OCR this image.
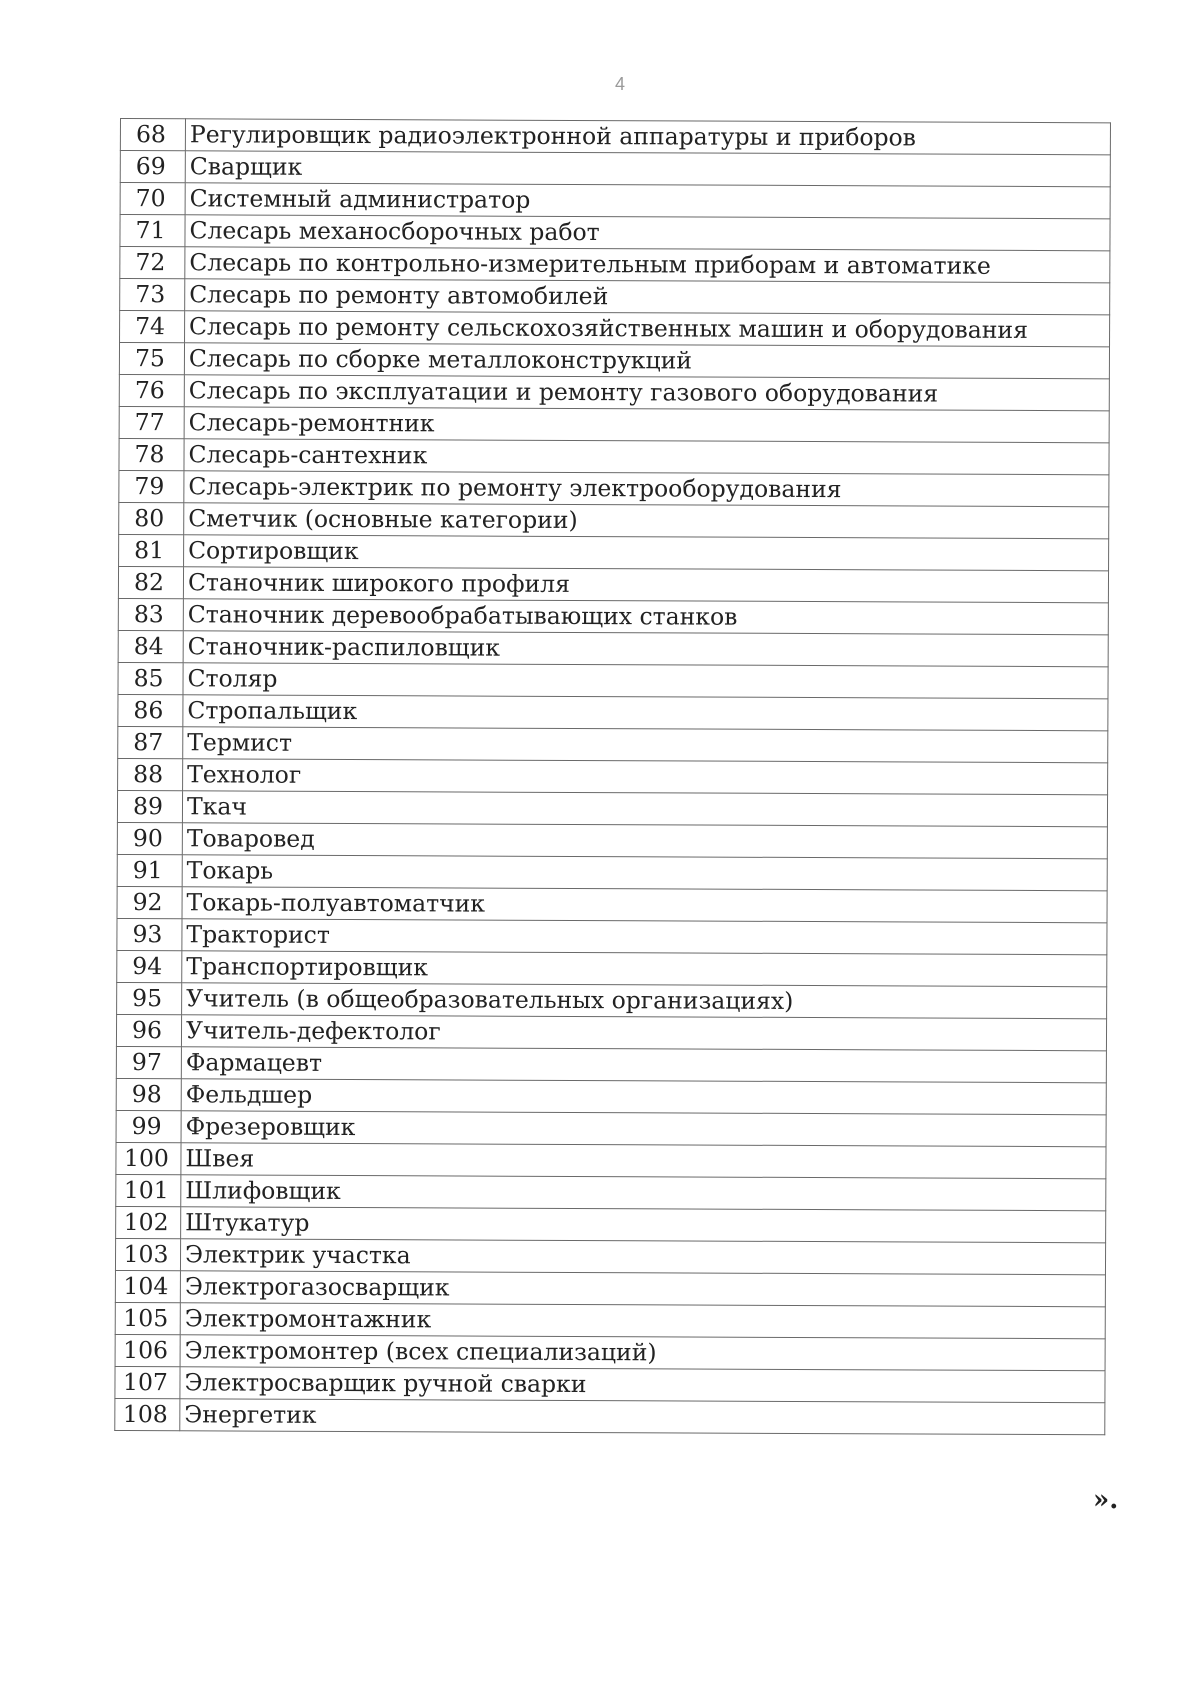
4
68	Регулировщик радиоэлектронной аппаратуры и приборов
69	Сварщик
70	Системный администратор
71	Слесарь механосборочных работ
72	Слесарь по контрольно-измерительным приборам и автоматике
73	Слесарь по ремонту автомобилей
74	Слесарь по ремонту сельскохозяйственных машин и оборудования
75	Слесарь по сборке металлоконструкций
76	Слесарь по эксплуатации и ремонту газового оборудования
77	Слесарь-ремонтник
78	Слесарь-сантехник
79	Слесарь-электрик по ремонту электрооборудования
80	Сметчик (основные категории)
81	Сортировщик
82	Станочник широкого профиля
83	Станочник деревообрабатывающих станков
84	Станочник-распиловщик
85	Столяр
86	Стропальщик
87	Термист
88	Технолог
89	Ткач
90	Товаровед
91	Токарь
92	Токарь-полуавтоматчик
93	Тракторист
94	Транспортировщик
95	Учитель (в общеобразовательных организациях)
96	Учитель-дефектолог
97	Фармацевт
98	Фельдшер
99	Фрезеровщик
100	Швея
101	Шлифовщик
102	Штукатур
103	Электрик участка
104	Электрогазосварщик
105	Электромонтажник
106	Электромонтер (всех специализаций)
107	Электросварщик ручной сварки
108	Энергетик
».
